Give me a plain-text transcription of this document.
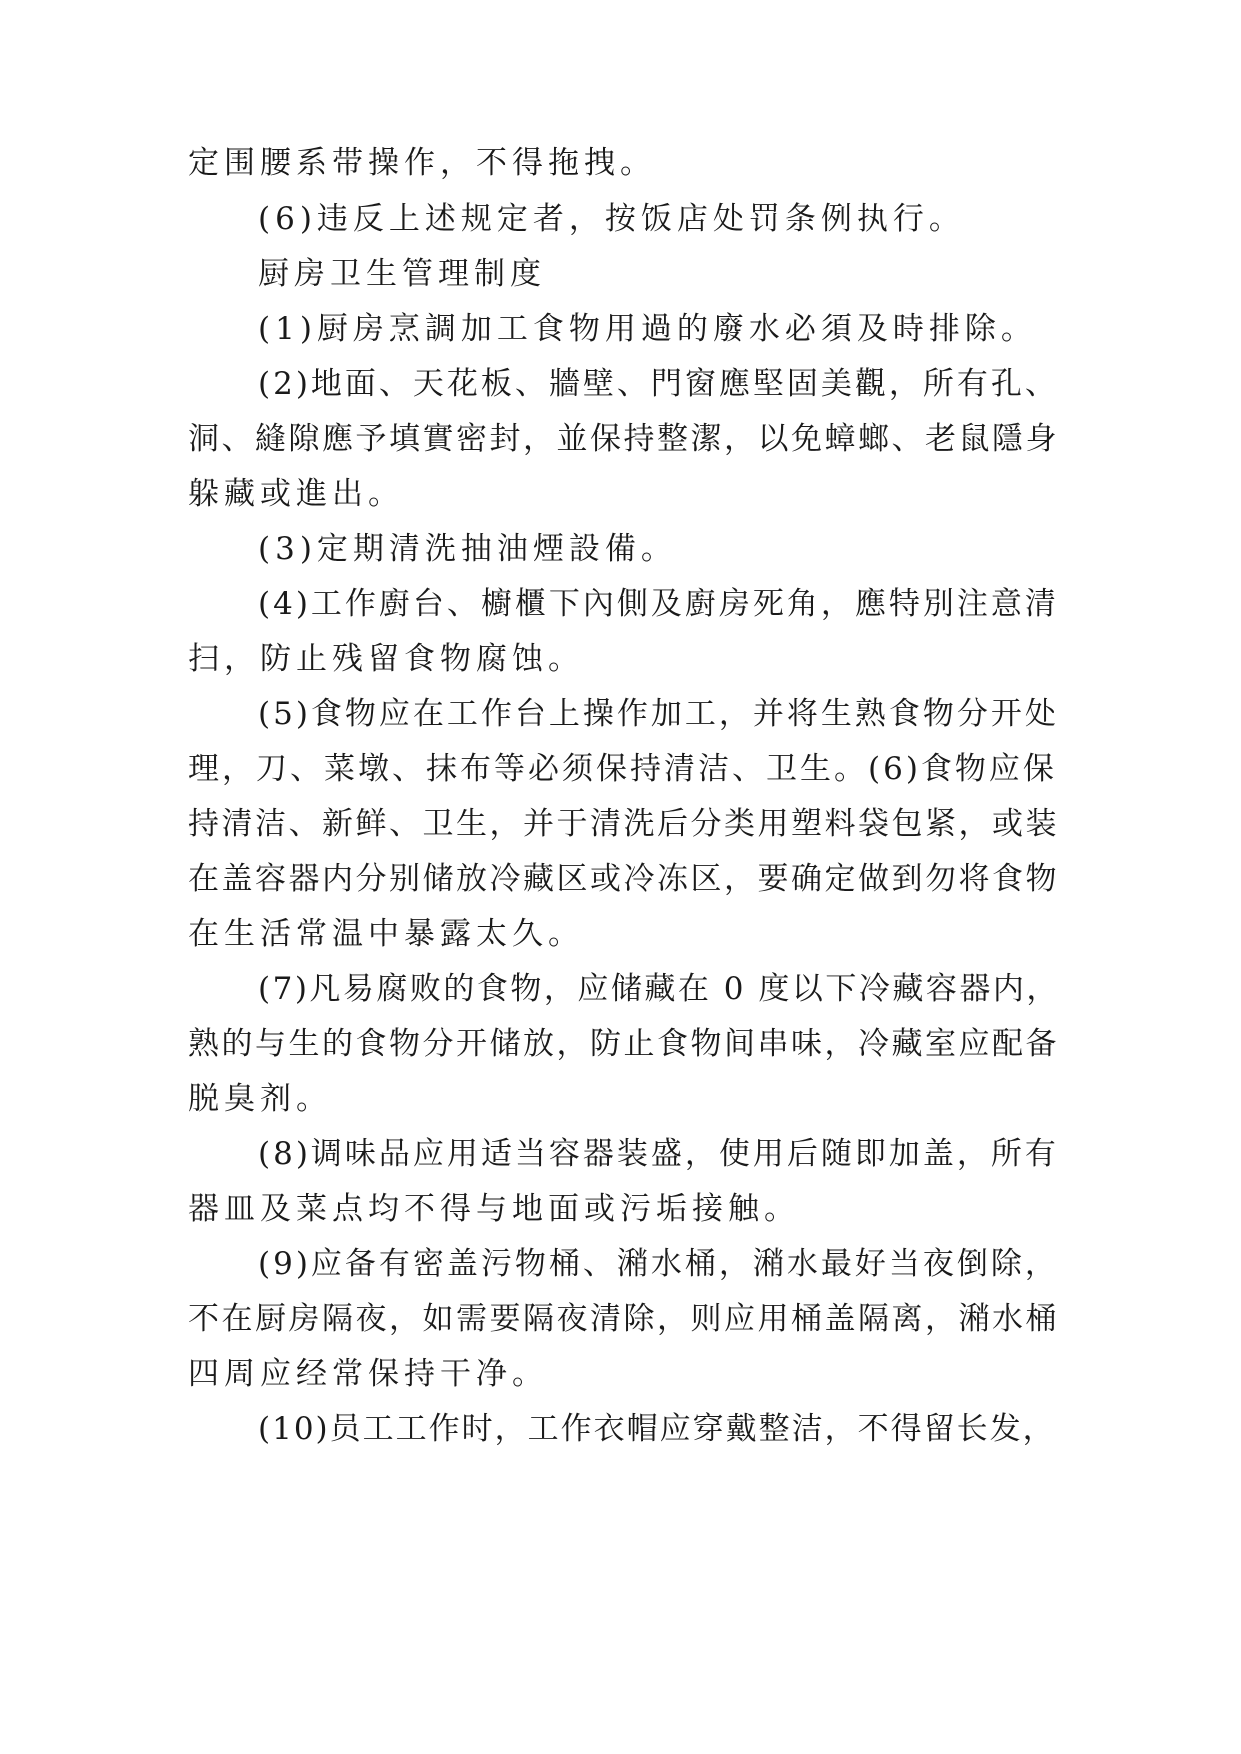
定围腰系带操作，不得拖拽。
(6)违反上述规定者，按饭店处罚条例执行。
厨房卫生管理制度
(1)厨房烹調加工食物用過的廢水必須及時排除。
(2)地面、天花板、牆壁、門窗應堅固美觀，所有孔、
洞、縫隙應予填實密封，並保持整潔，以免蟑螂、老鼠隱身
躲藏或進出。
(3)定期清洗抽油煙設備。
(4)工作廚台、櫥櫃下內側及廚房死角，應特別注意清
扫，防止残留食物腐蚀。
(5)食物应在工作台上操作加工，并将生熟食物分开处
理，刀、菜墩、抹布等必须保持清洁、卫生。(6)食物应保
持清洁、新鲜、卫生，并于清洗后分类用塑料袋包紧，或装
在盖容器内分别储放冷藏区或冷冻区，要确定做到勿将食物
在生活常温中暴露太久。
(7)凡易腐败的食物，应储藏在 0 度以下冷藏容器内，
熟的与生的食物分开储放，防止食物间串味，冷藏室应配备
脱臭剂。
(8)调味品应用适当容器装盛，使用后随即加盖，所有
器皿及菜点均不得与地面或污垢接触。
(9)应备有密盖污物桶、潲水桶，潲水最好当夜倒除，
不在厨房隔夜，如需要隔夜清除，则应用桶盖隔离，潲水桶
四周应经常保持干净。
(10)员工工作时，工作衣帽应穿戴整洁，不得留长发，
